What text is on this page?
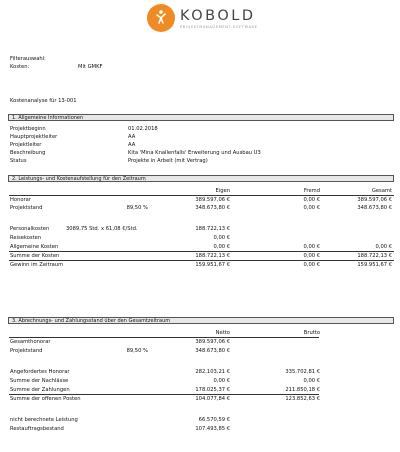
KOBOLD
PROJEKTMANAGEMENT-SOFTWARE
Filterauswahl:
Kosten:	Mit GMKF
Kostenanalyse für 13-001
1. Allgemeine Informationen
Projektbeginn	01.02.2018
Hauptprojektleiter	AA
Projektleiter	AA
Beschreibung	Kita 'Mina Knallenfalls' Erweiterung und Ausbau U3
Status	Projekte in Arbeit (mit Vertrag)
2. Leistungs- und Kostenaufstellung für den Zeitraum
Eigen	Fremd	Gesamt
Honorar	389.597,06 €	0,00 €	389.597,06 €
Projektstand	89,50 %	348.673,80 €	0,00 €	348.673,80 €
Personalkosten	3089,75 Std. x 61,08 €/Std.	188.722,13 €
Reisekosten	0,00 €
Allgemeine Kosten	0,00 €	0,00 €	0,00 €
Summe der Kosten	188.722,13 €	0,00 €	188.722,13 €
Gewinn im Zeitraum	159.951,67 €	0,00 €	159.951,67 €
3. Abrechnungs- und Zahlungsstand über den Gesamtzeitraum
Netto	Brutto
Gesamthonorar	389.597,06 €
Projektstand	89,50 %	348.673,80 €
Angefordertes Honorar	282.103,21 €	335.702,81 €
Summe der Nachlässe	0,00 €	0,00 €
Summe der Zahlungen	178.025,37 €	211.850,18 €
Summe der offenen Posten	104.077,84 €	123.852,63 €
nicht berechnete Leistung	66.570,59 €
Restauftragsbestand	107.493,85 €
